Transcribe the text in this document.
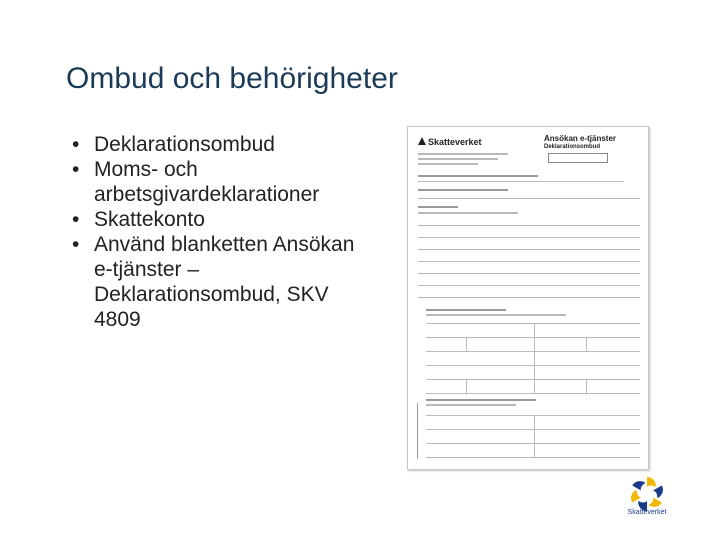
Ombud och behörigheter
• Deklarationsombud
• Moms- och arbetsgivardeklarationer
• Skattekonto
• Använd blanketten Ansökan e-tjänster – Deklarationsombud, SKV 4809
Skatteverket	Ansökan e-tjänster
Deklarationsombud
Skatteverket
